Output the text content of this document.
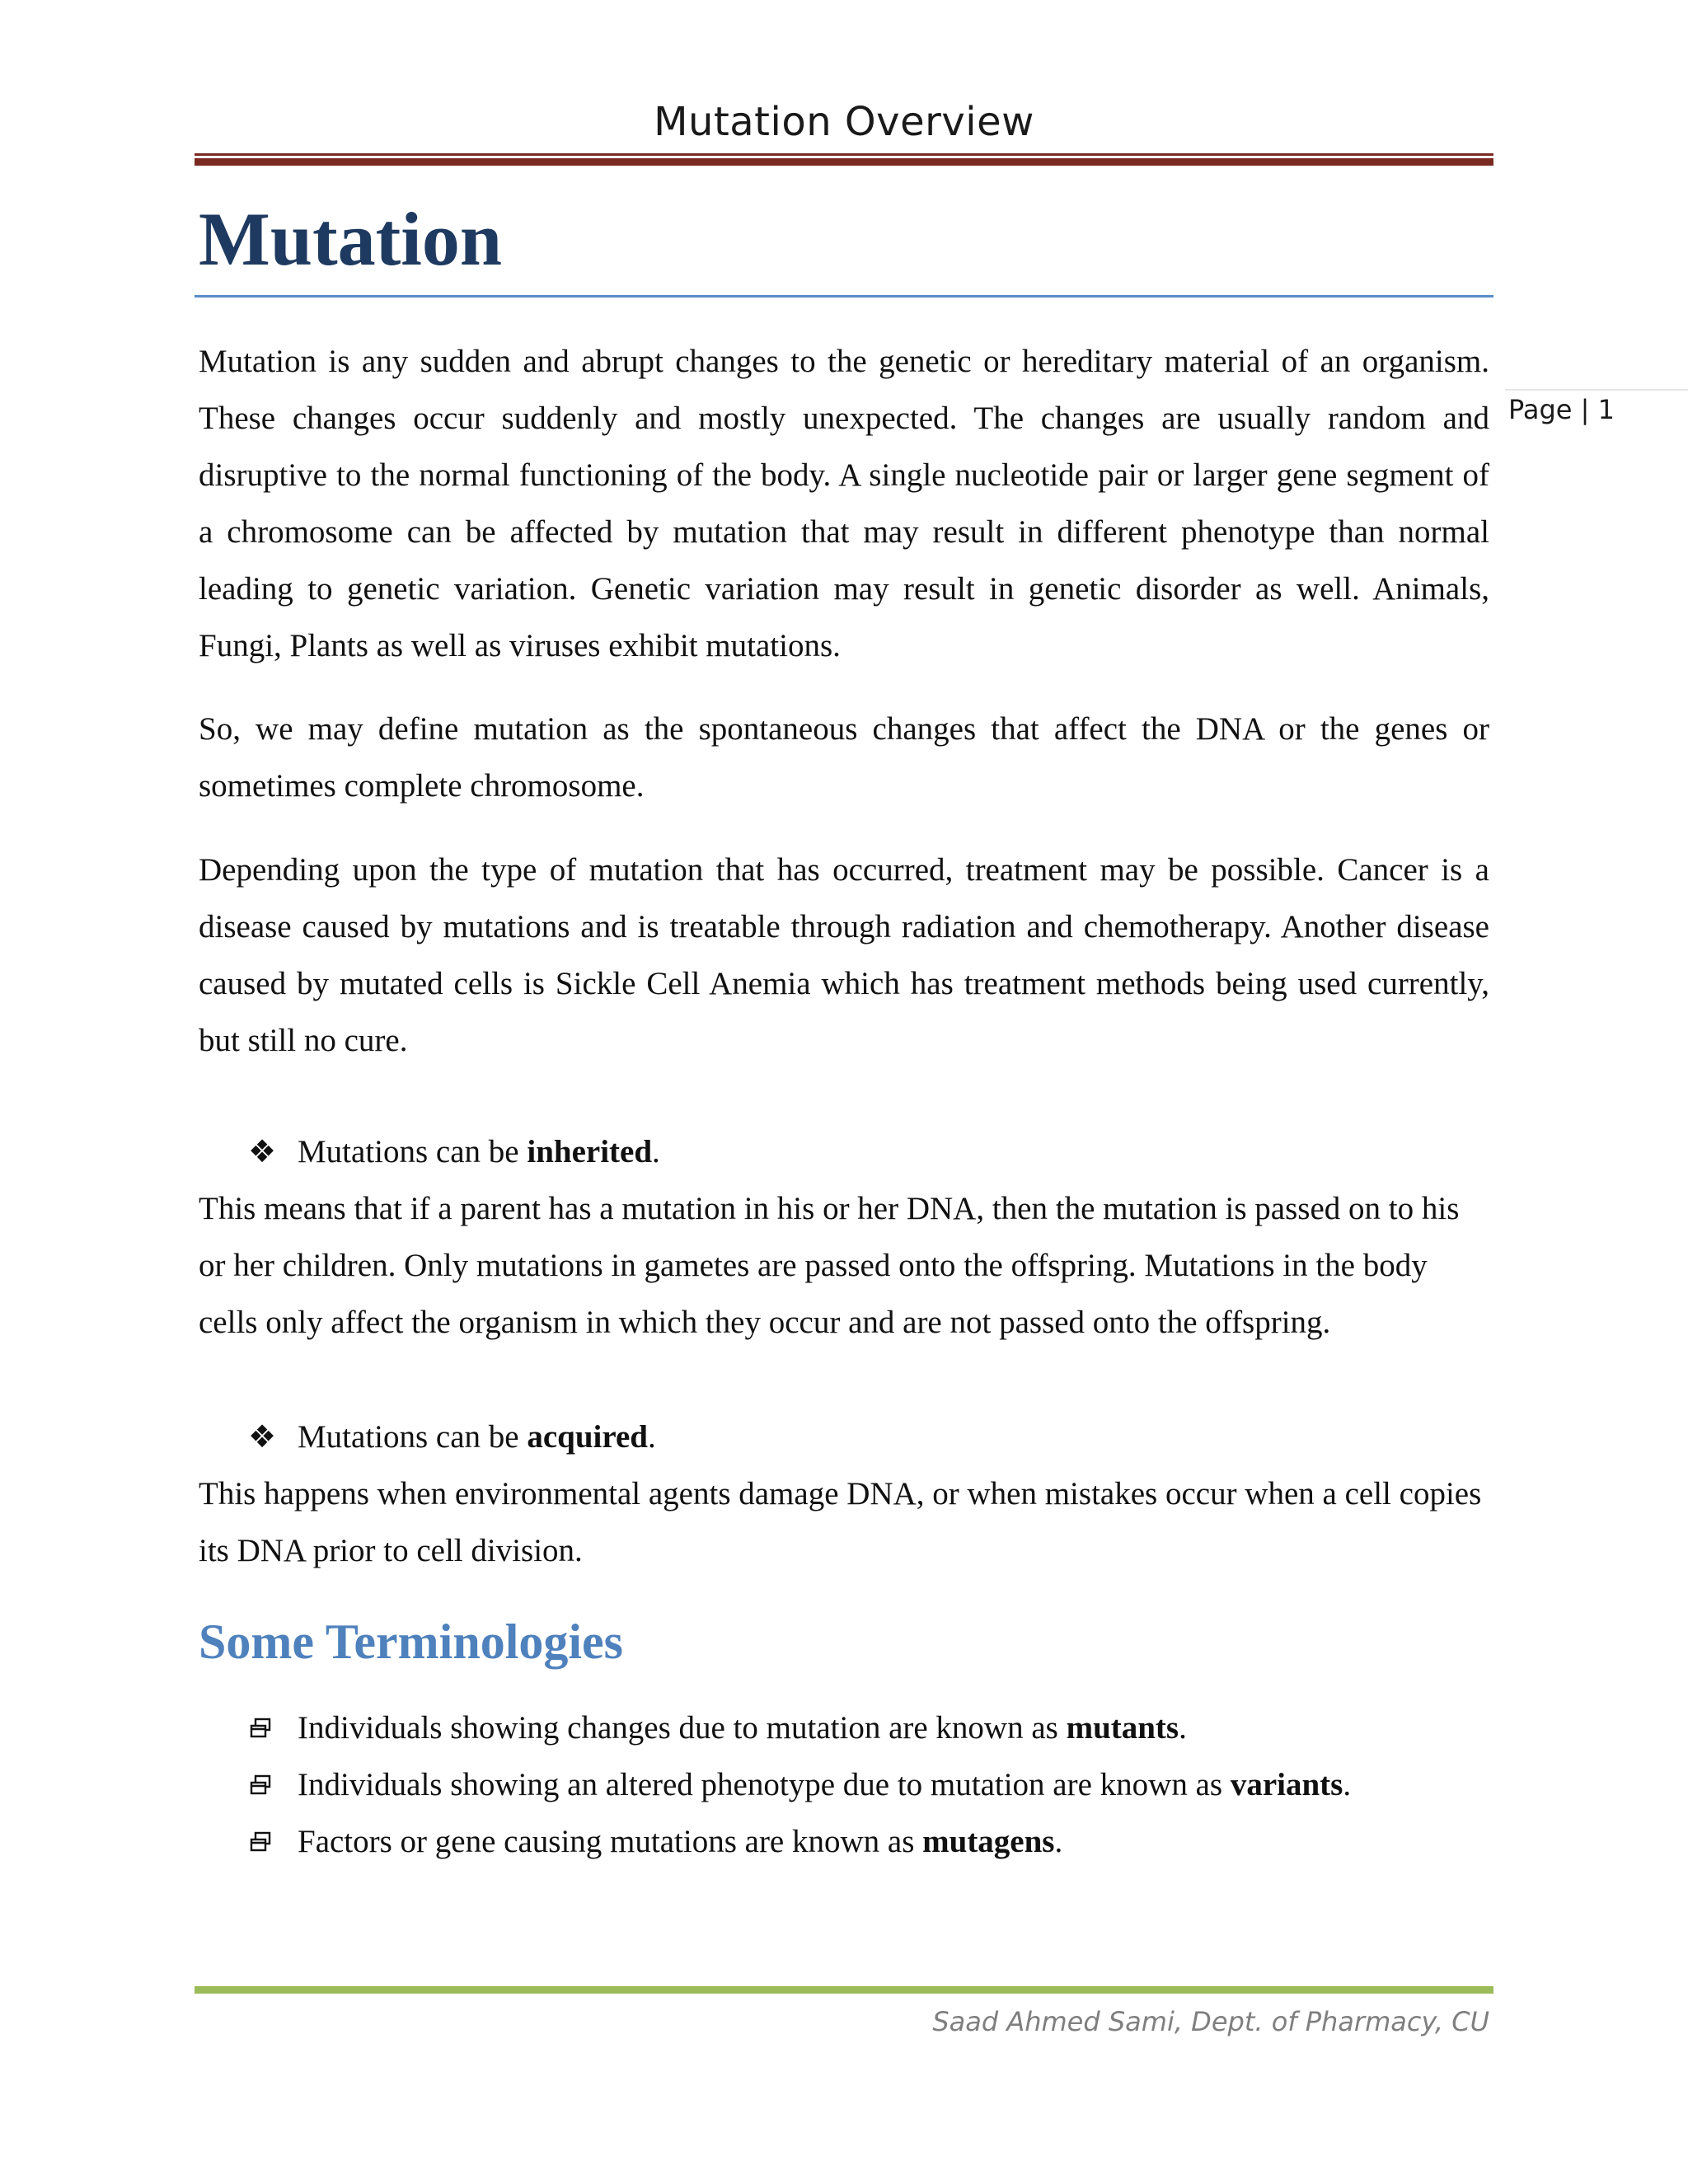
Mutation Overview
Page | 1
Mutation

Mutation is any sudden and abrupt changes to the genetic or hereditary material of an organism. These changes occur suddenly and mostly unexpected. The changes are usually random and disruptive to the normal functioning of the body. A single nucleotide pair or larger gene segment of a chromosome can be affected by mutation that may result in different phenotype than normal leading to genetic variation. Genetic variation may result in genetic disorder as well. Animals, Fungi, Plants as well as viruses exhibit mutations.

So, we may define mutation as the spontaneous changes that affect the DNA or the genes or sometimes complete chromosome.

Depending upon the type of mutation that has occurred, treatment may be possible. Cancer is a disease caused by mutations and is treatable through radiation and chemotherapy. Another disease caused by mutated cells is Sickle Cell Anemia which has treatment methods being used currently, but still no cure.

❖ Mutations can be inherited.

This means that if a parent has a mutation in his or her DNA, then the mutation is passed on to his or her children. Only mutations in gametes are passed onto the offspring. Mutations in the body cells only affect the organism in which they occur and are not passed onto the offspring.

❖ Mutations can be acquired.

This happens when environmental agents damage DNA, or when mistakes occur when a cell copies its DNA prior to cell division.

Some Terminologies
Individuals showing changes due to mutation are known as mutants.
Individuals showing an altered phenotype due to mutation are known as variants.
Factors or gene causing mutations are known as mutagens.
Saad Ahmed Sami, Dept. of Pharmacy, CU
